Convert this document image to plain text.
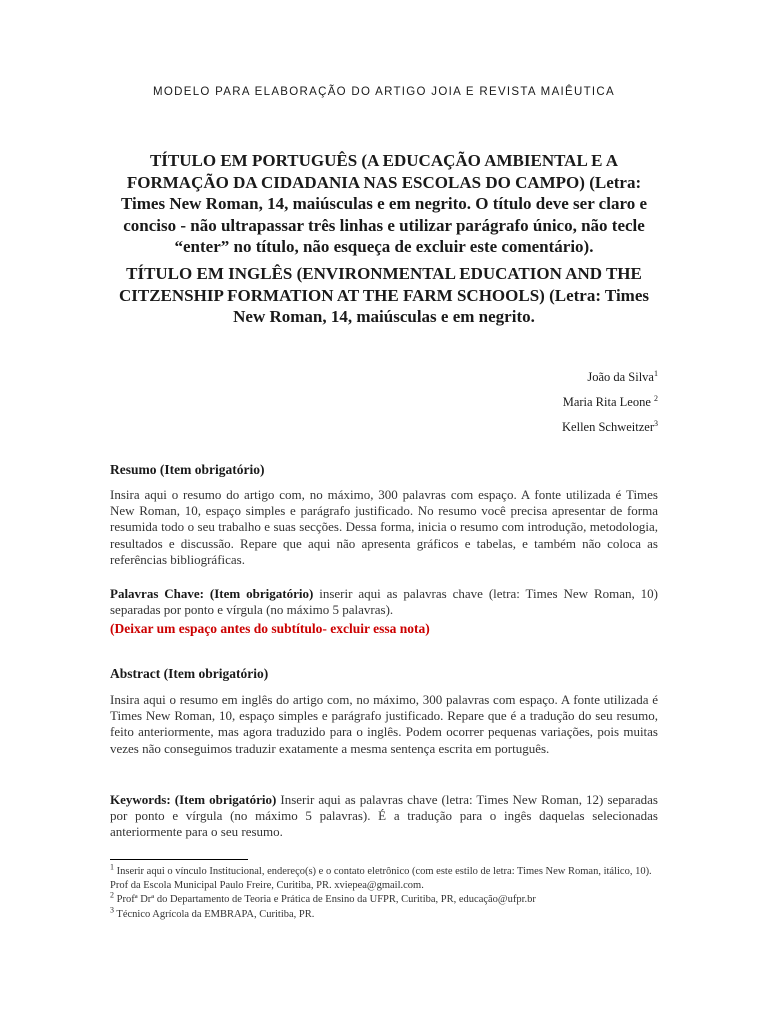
MODELO PARA ELABORAÇÃO DO ARTIGO JOIA E REVISTA MAIÊUTICA
TÍTULO EM PORTUGUÊS (A EDUCAÇÃO AMBIENTAL E A FORMAÇÃO DA CIDADANIA NAS ESCOLAS DO CAMPO) (Letra: Times New Roman, 14, maiúsculas e em negrito. O título deve ser claro e conciso - não ultrapassar três linhas e utilizar parágrafo único, não tecle “enter” no título, não esqueça de excluir este comentário).
TÍTULO EM INGLÊS (ENVIRONMENTAL EDUCATION AND THE CITZENSHIP FORMATION AT THE FARM SCHOOLS) (Letra: Times New Roman, 14, maiúsculas e em negrito.
João da Silva$^1$
Maria Rita Leone $^2$
Kellen Schweitzer$^3$
Resumo (Item obrigatório)
Insira aqui o resumo do artigo com, no máximo, 300 palavras com espaço. A fonte utilizada é Times New Roman, 10, espaço simples e parágrafo justificado. No resumo você precisa apresentar de forma resumida todo o seu trabalho e suas secções. Dessa forma, inicia o resumo com introdução, metodologia, resultados e discussão. Repare que aqui não apresenta gráficos e tabelas, e também não coloca as referências bibliográficas.
Palavras Chave: (Item obrigatório) inserir aqui as palavras chave (letra: Times New Roman, 10) separadas por ponto e vírgula (no máximo 5 palavras).
(Deixar um espaço antes do subtítulo- excluir essa nota)
Abstract (Item obrigatório)
Insira aqui o resumo em inglês do artigo com, no máximo, 300 palavras com espaço. A fonte utilizada é Times New Roman, 10, espaço simples e parágrafo justificado. Repare que é a tradução do seu resumo, feito anteriormente, mas agora traduzido para o inglês. Podem ocorrer pequenas variações, pois muitas vezes não conseguimos traduzir exatamente a mesma sentença escrita em português.
Keywords: (Item obrigatório) Inserir aqui as palavras chave (letra: Times New Roman, 12) separadas por ponto e vírgula (no máximo 5 palavras). É a tradução para o ingês daquelas selecionadas anteriormente para o seu resumo.
$^1$ Inserir aqui o vínculo Institucional, endereço(s) e o contato eletrônico (com este estilo de letra: Times New Roman, itálico, 10).
Prof da Escola Municipal Paulo Freire, Curitiba, PR. xviepea@gmail.com.
$^2$ Profª Drª do Departamento de Teoria e Prática de Ensino da UFPR, Curitiba, PR, educação@ufpr.br
$^3$ Técnico Agrícola da EMBRAPA, Curitiba, PR.
